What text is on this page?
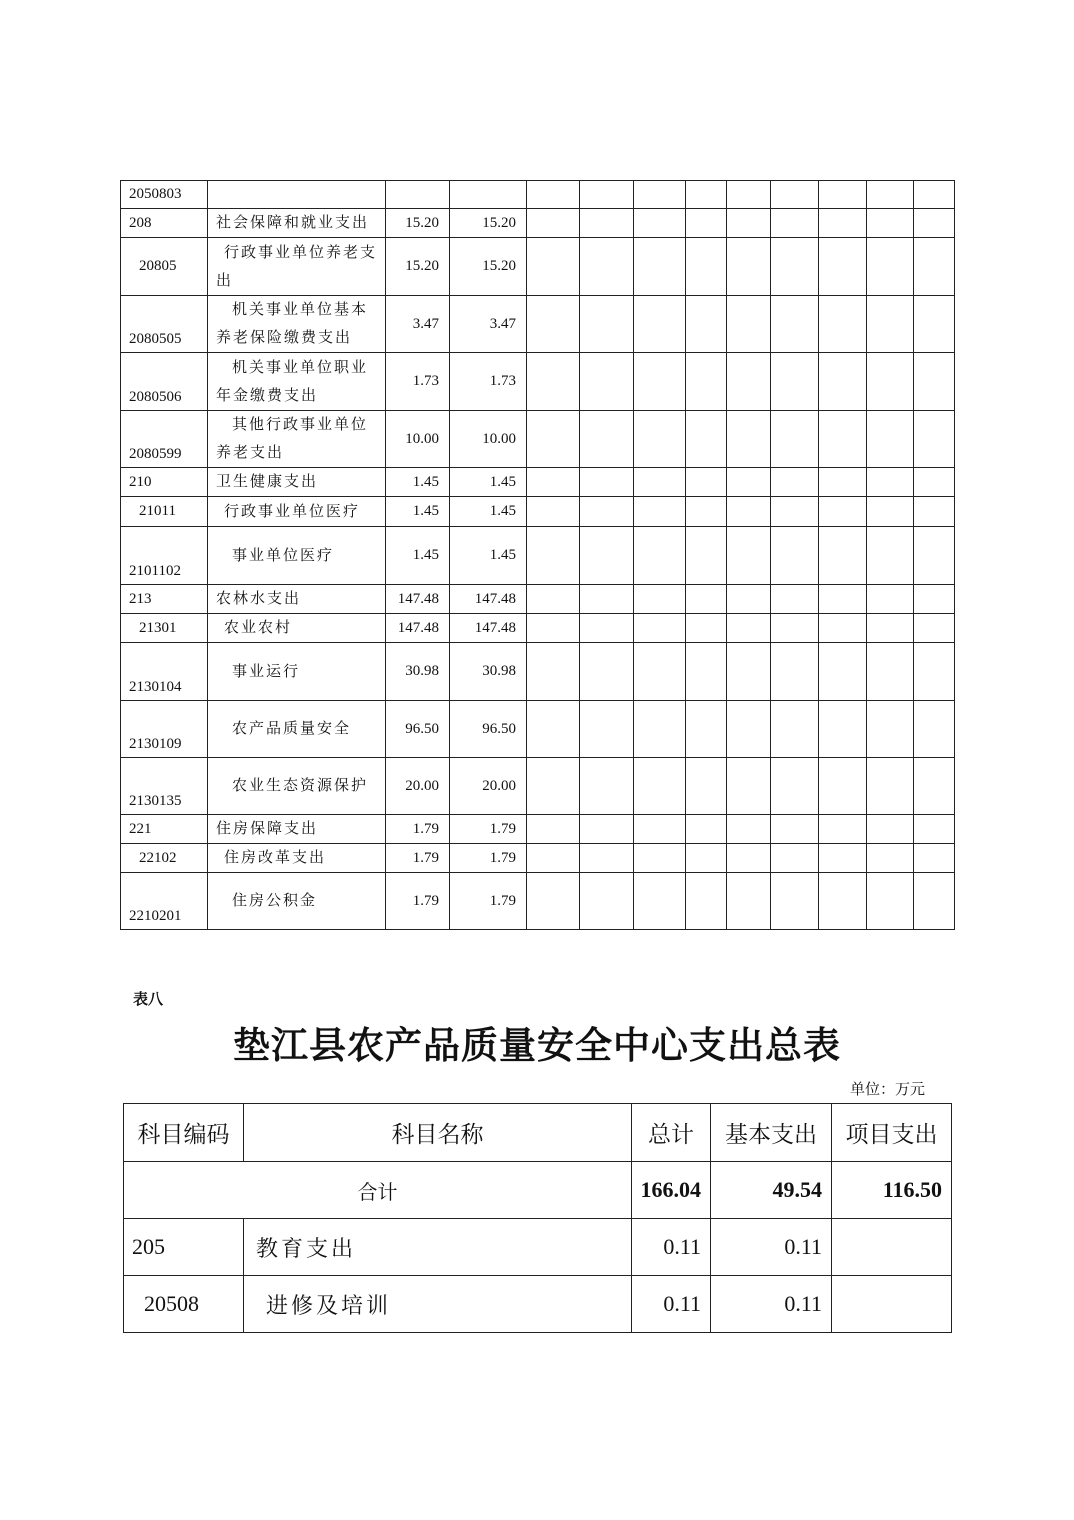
2050803												
208	社会保障和就业支出	15.20	15.20									
20805	行政事业单位养老支出	15.20	15.20									
2080505	机关事业单位基本养老保险缴费支出	3.47	3.47									
2080506	机关事业单位职业年金缴费支出	1.73	1.73									
2080599	其他行政事业单位养老支出	10.00	10.00									
210	卫生健康支出	1.45	1.45									
21011	行政事业单位医疗	1.45	1.45									
2101102	事业单位医疗	1.45	1.45									
213	农林水支出	147.48	147.48									
21301	农业农村	147.48	147.48									
2130104	事业运行	30.98	30.98									
2130109	农产品质量安全	96.50	96.50									
2130135	农业生态资源保护	20.00	20.00									
221	住房保障支出	1.79	1.79									
22102	住房改革支出	1.79	1.79									
2210201	住房公积金	1.79	1.79									
表八
垫江县农产品质量安全中心支出总表
单位：万元
科目编码	科目名称	总计	基本支出	项目支出
合计		166.04	49.54	116.50
205	教育支出	0.11	0.11	
20508	进修及培训	0.11	0.11	
